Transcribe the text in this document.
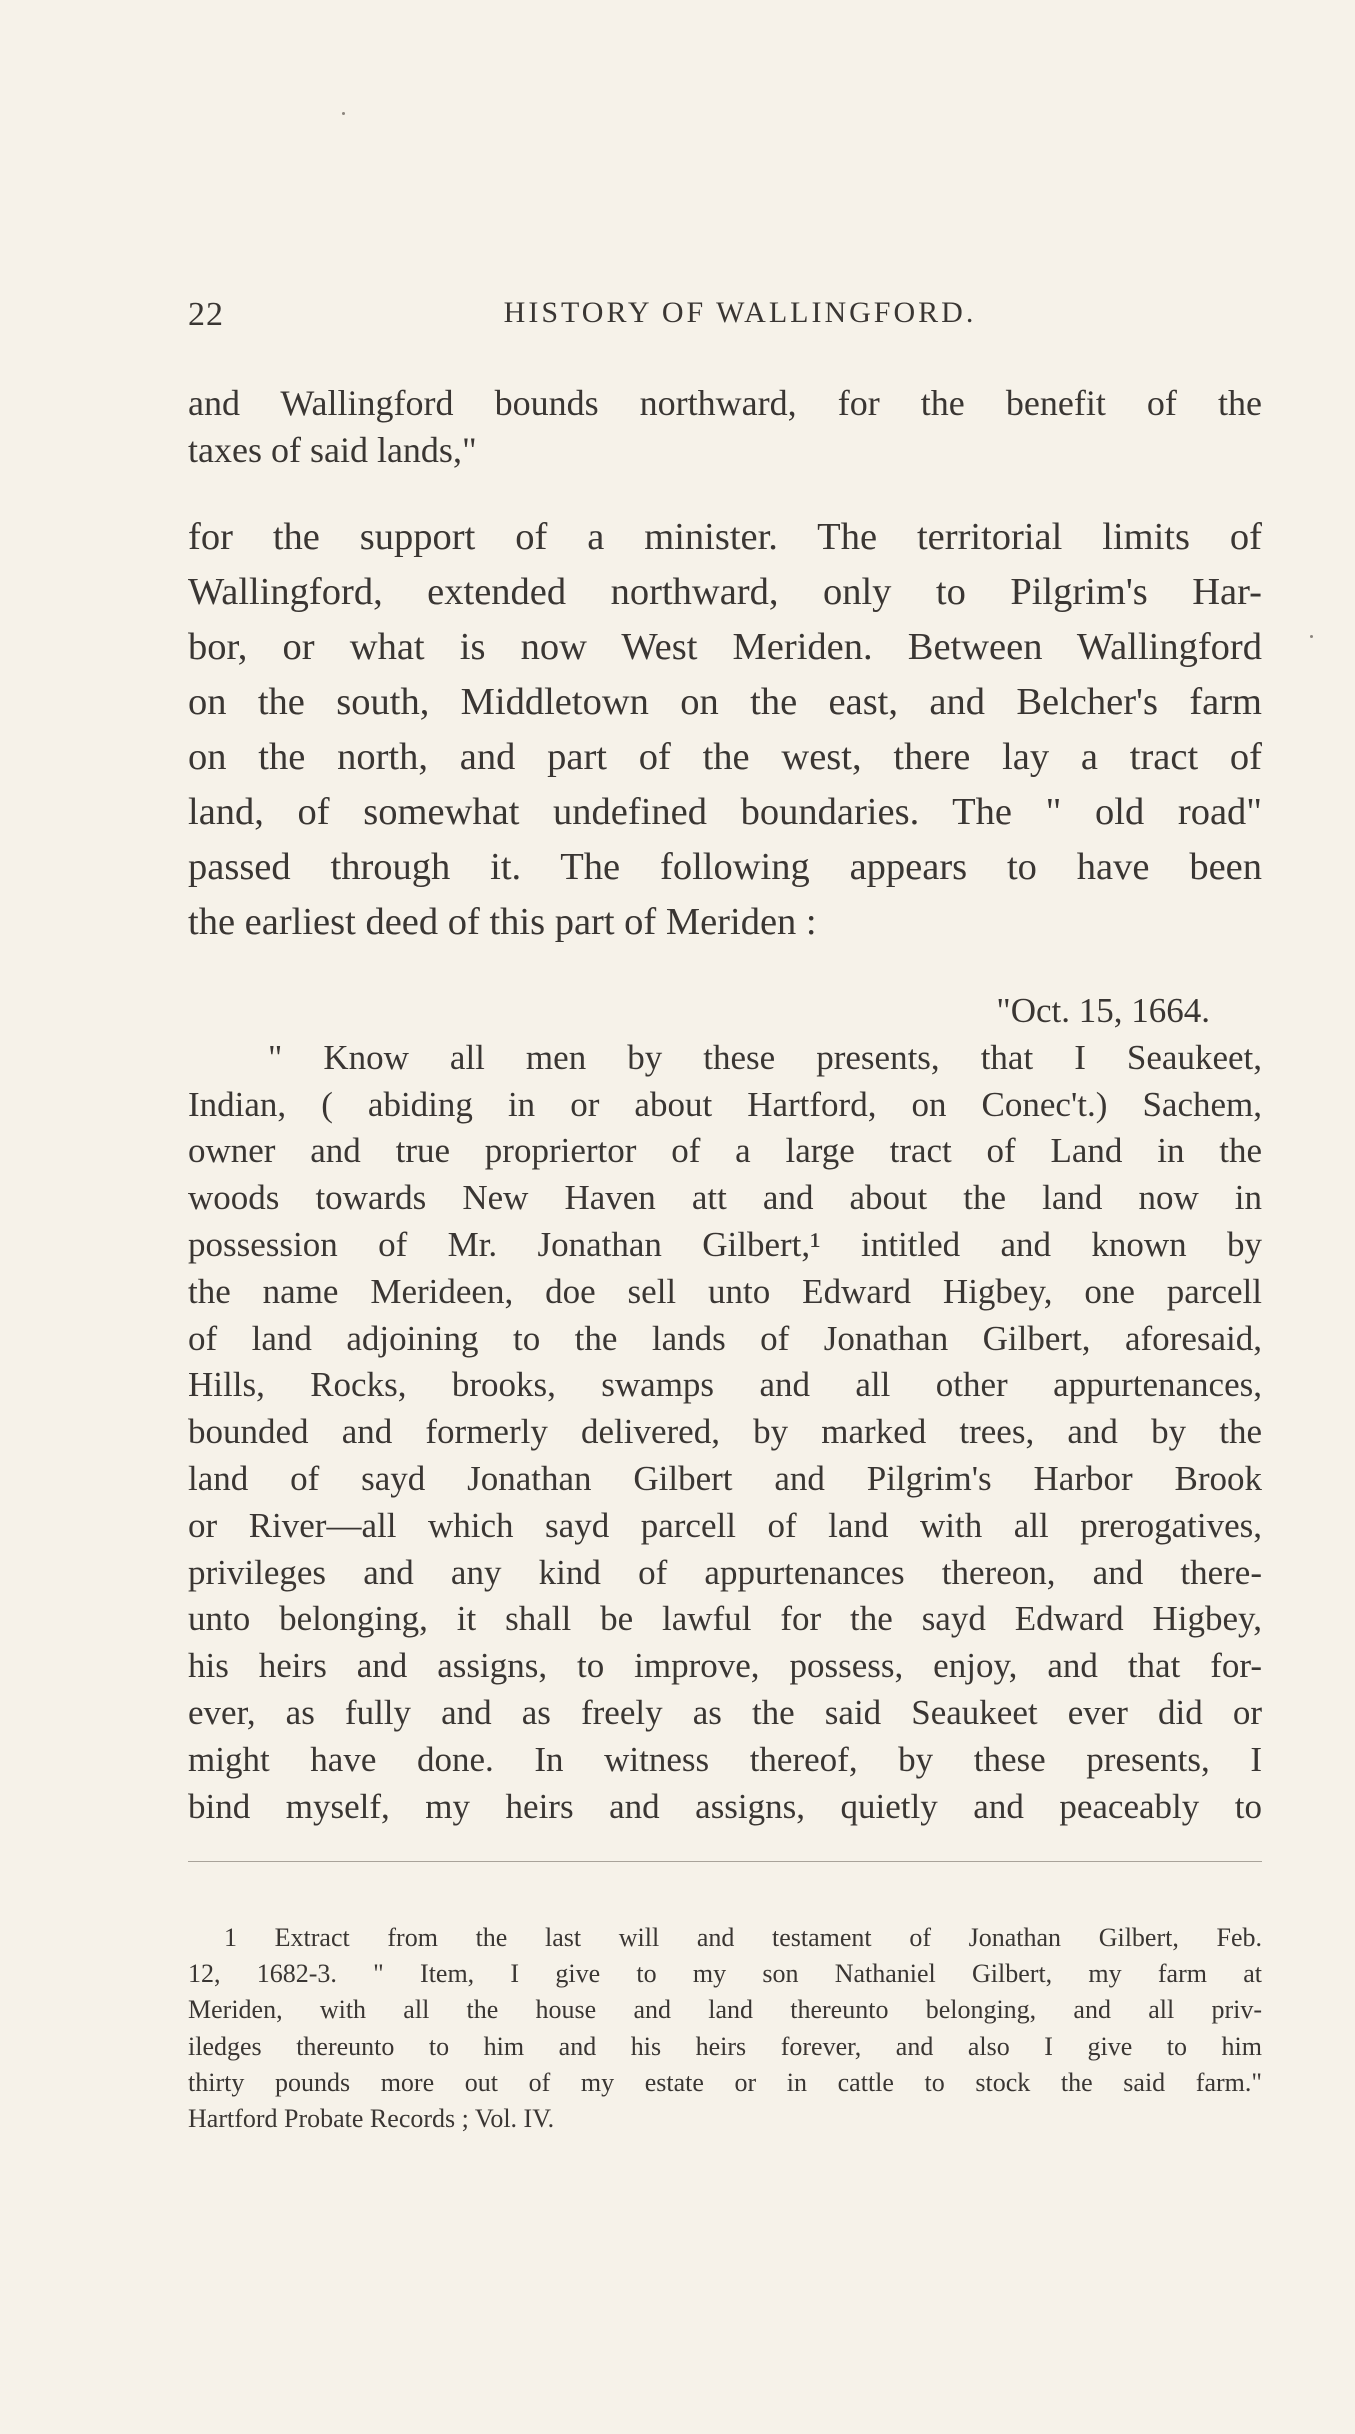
22	HISTORY OF WALLINGFORD.
and Wallingford bounds northward, for the benefit of the
taxes of said lands,"
for the support of a minister. The territorial limits of
Wallingford, extended northward, only to Pilgrim's Har-
bor, or what is now West Meriden. Between Wallingford
on the south, Middletown on the east, and Belcher's farm
on the north, and part of the west, there lay a tract of
land, of somewhat undefined boundaries. The " old road"
passed through it. The following appears to have been
the earliest deed of this part of Meriden :
"Oct. 15, 1664.
" Know all men by these presents, that I Seaukeet,
Indian, ( abiding in or about Hartford, on Conec't.) Sachem,
owner and true propriertor of a large tract of Land in the
woods towards New Haven att and about the land now in
possession of Mr. Jonathan Gilbert,¹ intitled and known by
the name Merideen, doe sell unto Edward Higbey, one parcell
of land adjoining to the lands of Jonathan Gilbert, aforesaid,
Hills, Rocks, brooks, swamps and all other appurtenances,
bounded and formerly delivered, by marked trees, and by the
land of sayd Jonathan Gilbert and Pilgrim's Harbor Brook
or River—all which sayd parcell of land with all prerogatives,
privileges and any kind of appurtenances thereon, and there-
unto belonging, it shall be lawful for the sayd Edward Higbey,
his heirs and assigns, to improve, possess, enjoy, and that for-
ever, as fully and as freely as the said Seaukeet ever did or
might have done. In witness thereof, by these presents, I
bind myself, my heirs and assigns, quietly and peaceably to
1 Extract from the last will and testament of Jonathan Gilbert, Feb.
12, 1682-3. " Item, I give to my son Nathaniel Gilbert, my farm at
Meriden, with all the house and land thereunto belonging, and all priv-
iledges thereunto to him and his heirs forever, and also I give to him
thirty pounds more out of my estate or in cattle to stock the said farm."
Hartford Probate Records ; Vol. IV.
